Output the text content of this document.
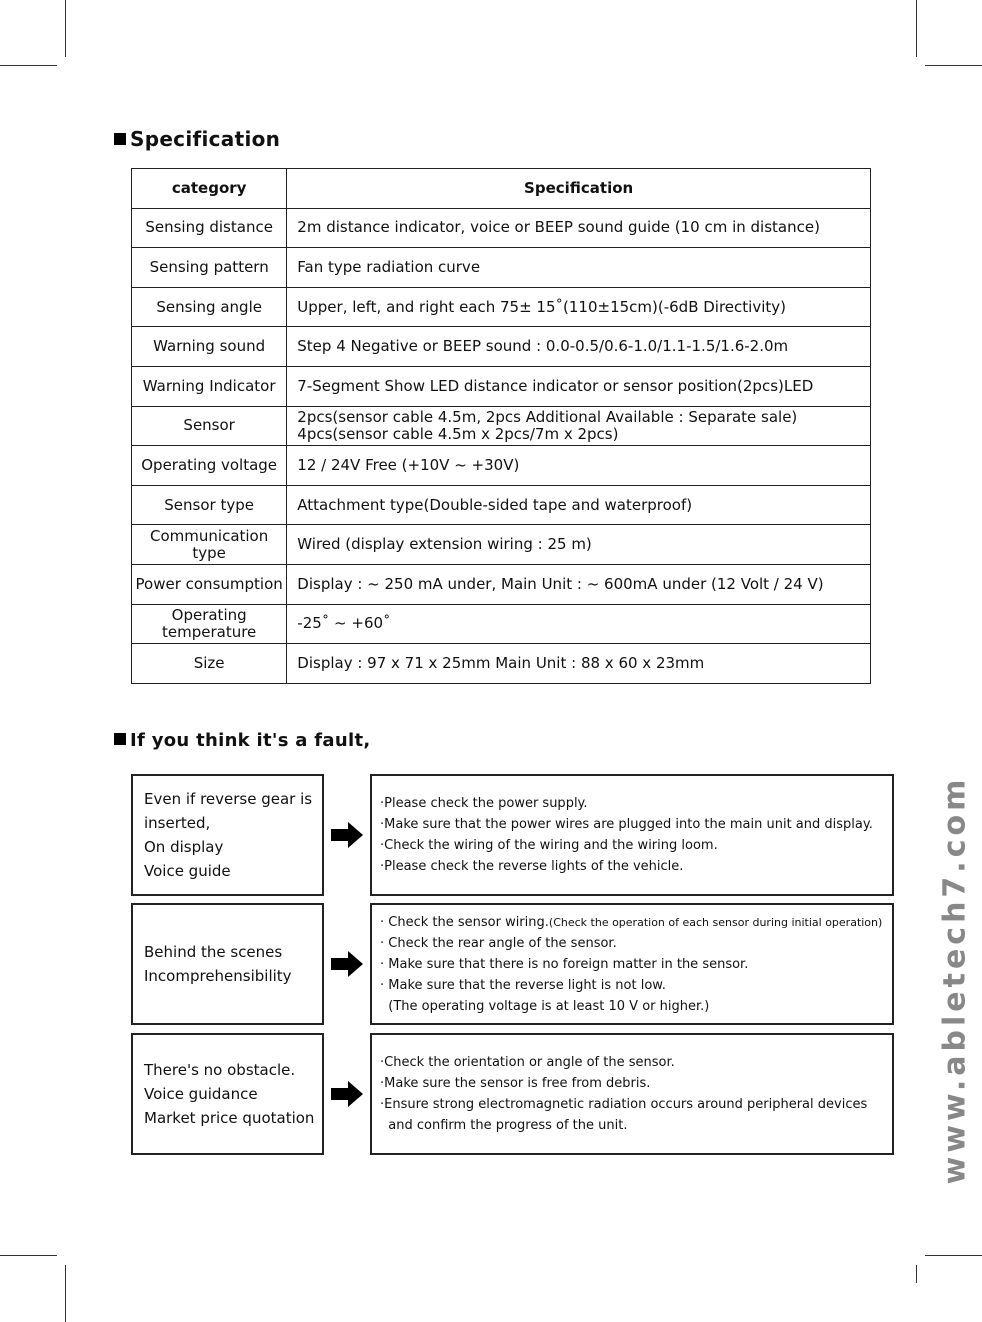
Specification
category	Specification
Sensing distance	2m distance indicator, voice or BEEP sound guide (10 cm in distance)
Sensing pattern	Fan type radiation curve
Sensing angle	Upper, left, and right each 75± 15˚(110±15cm)(-6dB Directivity)
Warning sound	Step 4 Negative or BEEP sound : 0.0-0.5/0.6-1.0/1.1-1.5/1.6-2.0m
Warning Indicator	7-Segment Show LED distance indicator or sensor position(2pcs)LED
Sensor	2pcs(sensor cable 4.5m, 2pcs Additional Available : Separate sale)
4pcs(sensor cable 4.5m x 2pcs/7m x 2pcs)
Operating voltage	12 / 24V Free (+10V ~ +30V)
Sensor type	Attachment type(Double-sided tape and waterproof)
Communication type	Wired (display extension wiring : 25 m)
Power consumption	Display : ~ 250 mA under, Main Unit : ~ 600mA under (12 Volt / 24 V)
Operating temperature	-25˚ ~ +60˚
Size	Display : 97 x 71 x 25mm Main Unit : 88 x 60 x 23mm
If you think it's a fault,
Even if reverse gear is
inserted,
On display
Voice guide
·Please check the power supply.
·Make sure that the power wires are plugged into the main unit and display.
·Check the wiring of the wiring and the wiring loom.
·Please check the reverse lights of the vehicle.
Behind the scenes
Incomprehensibility
· Check the sensor wiring.(Check the operation of each sensor during initial operation)
· Check the rear angle of the sensor.
· Make sure that there is no foreign matter in the sensor.
· Make sure that the reverse light is not low.
(The operating voltage is at least 10 V or higher.)
There's no obstacle.
Voice guidance
Market price quotation
·Check the orientation or angle of the sensor.
·Make sure the sensor is free from debris.
·Ensure strong electromagnetic radiation occurs around peripheral devices
and confirm the progress of the unit.	www.abletech7.com
